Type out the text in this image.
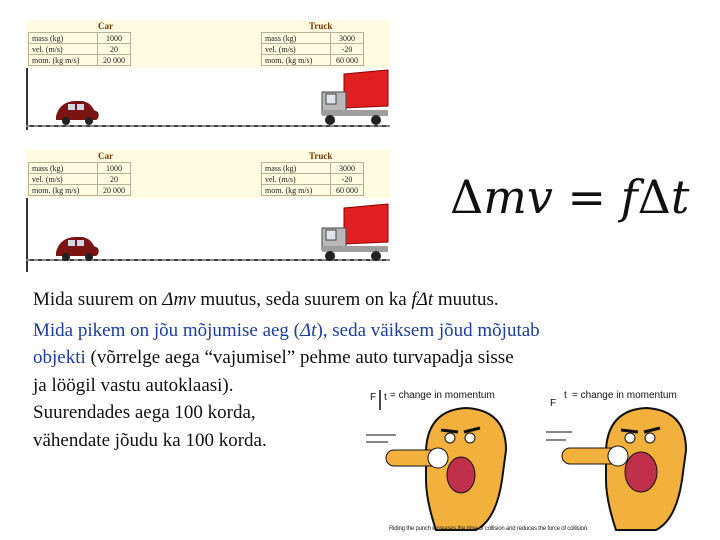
Car	Truck
mass (kg)	1000
vel. (m/s)	20
mom. (kg m/s)	20 000
mass (kg)	3000
vel. (m/s)	-20
mom. (kg m/s)	60 000
Car	Truck
mass (kg)	1000
vel. (m/s)	20
mom. (kg m/s)	20 000
mass (kg)	3000
vel. (m/s)	-20
mom. (kg m/s)	60 000 Δmv = fΔt
Mida suurem on Δmv muutus, seda suurem on ka fΔt muutus.
Mida pikem on jõu mõjumise aeg (Δt), seda väiksem jõud mõjutab
objekti (võrrelge aega “vajumisel” pehme auto turvapadja sisse
ja löögil vastu autoklaasi).
Suurendades aega 100 korda,
vähendate jõudu ka 100 korda.
F t = change in momentum
F
t = change in momentum
Riding the punch increases the time of collision and reduces the force of collision.
